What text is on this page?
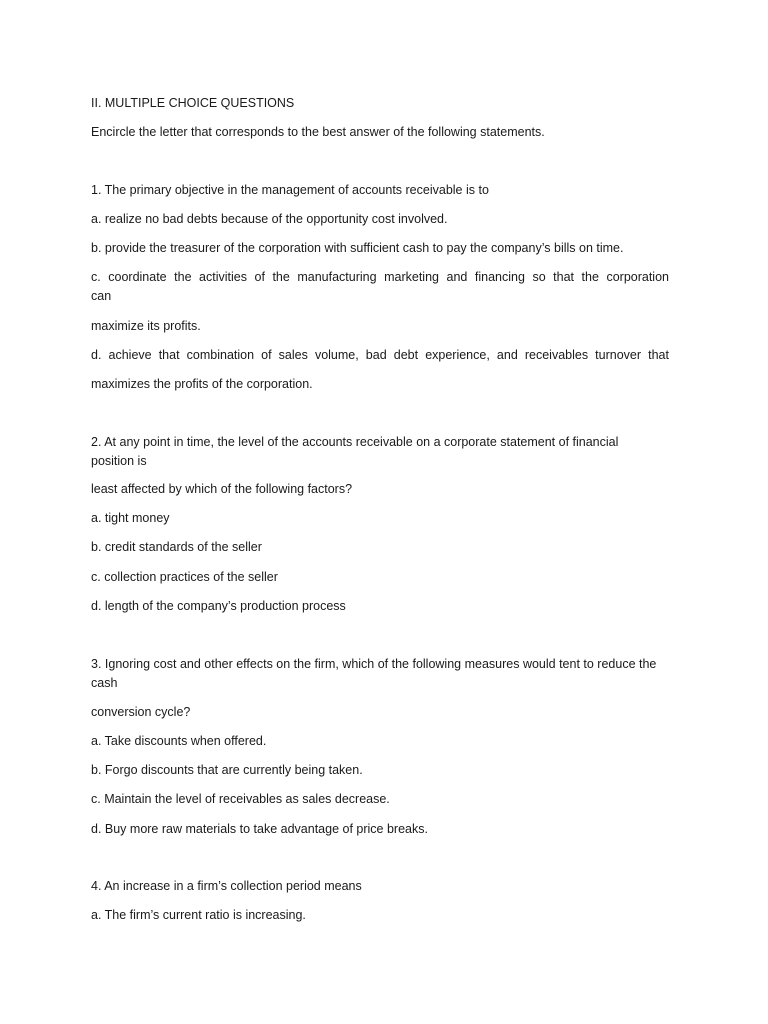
II. MULTIPLE CHOICE QUESTIONS
Encircle the letter that corresponds to the best answer of the following statements.
1. The primary objective in the management of accounts receivable is to
a. realize no bad debts because of the opportunity cost involved.
b. provide the treasurer of the corporation with sufficient cash to pay the company’s bills on time.
c. coordinate the activities of the manufacturing marketing and financing so that the corporation
can
maximize its profits.
d. achieve that combination of sales volume, bad debt experience, and receivables turnover that
maximizes the profits of the corporation.
2. At any point in time, the level of the accounts receivable on a corporate statement of financial
position is
least affected by which of the following factors?
a. tight money
b. credit standards of the seller
c. collection practices of the seller
d. length of the company’s production process
3. Ignoring cost and other effects on the firm, which of the following measures would tent to reduce the
cash
conversion cycle?
a. Take discounts when offered.
b. Forgo discounts that are currently being taken.
c. Maintain the level of receivables as sales decrease.
d. Buy more raw materials to take advantage of price breaks.
4. An increase in a firm’s collection period means
a. The firm’s current ratio is increasing.
